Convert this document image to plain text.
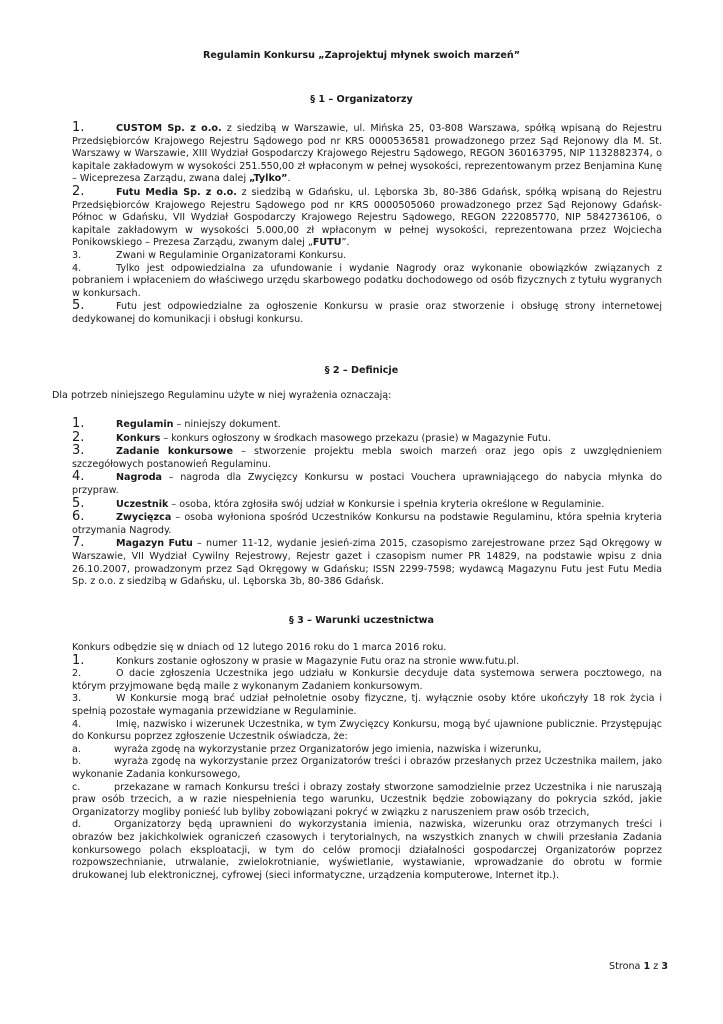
Regulamin Konkursu „Zaprojektuj młynek swoich marzeń”
§ 1 – Organizatorzy

1.	CUSTOM Sp. z o.o. z siedzibą w Warszawie, ul. Mińska 25, 03-808 Warszawa, spółką wpisaną do Rejestru Przedsiębiorców Krajowego Rejestru Sądowego pod nr KRS 0000536581 prowadzonego przez Sąd Rejonowy dla M. St. Warszawy w Warszawie, XIII Wydział Gospodarczy Krajowego Rejestru Sądowego, REGON 360163795, NIP 1132882374, o kapitale zakładowym w wysokości 251.550,00 zł wpłaconym w pełnej wysokości, reprezentowanym przez Benjamina Kunę – Wiceprezesa Zarządu, zwana dalej „Tylko”.

2.	Futu Media Sp. z o.o. z siedzibą w Gdańsku, ul. Lęborska 3b, 80-386 Gdańsk, spółką wpisaną do Rejestru Przedsiębiorców Krajowego Rejestru Sądowego pod nr KRS 0000505060 prowadzonego przez Sąd Rejonowy Gdańsk-Północ w Gdańsku, VII Wydział Gospodarczy Krajowego Rejestru Sądowego, REGON 222085770, NIP 5842736106, o kapitale zakładowym w wysokości 5.000,00 zł wpłaconym w pełnej wysokości, reprezentowana przez Wojciecha Ponikowskiego – Prezesa Zarządu, zwanym dalej „FUTU”.

3.	Zwani w Regulaminie Organizatorami Konkursu.

4.	Tylko jest odpowiedzialna za ufundowanie i wydanie Nagrody oraz wykonanie obowiązków związanych z pobraniem i wpłaceniem do właściwego urzędu skarbowego podatku dochodowego od osób fizycznych z tytułu wygranych w konkursach.

5.	Futu jest odpowiedzialne za ogłoszenie Konkursu w prasie oraz stworzenie i obsługę strony internetowej dedykowanej do komunikacji i obsługi konkursu.

§ 2 – Definicje
Dla potrzeb niniejszego Regulaminu użyte w niej wyrażenia oznaczają:

1.	Regulamin – niniejszy dokument.

2.	Konkurs – konkurs ogłoszony w środkach masowego przekazu (prasie) w Magazynie Futu.

3.	Zadanie konkursowe – stworzenie projektu mebla swoich marzeń oraz jego opis z uwzględnieniem szczegółowych postanowień Regulaminu.

4.	Nagroda – nagroda dla Zwycięzcy Konkursu w postaci Vouchera uprawniającego do nabycia młynka do przypraw.

5.	Uczestnik – osoba, która zgłosiła swój udział w Konkursie i spełnia kryteria określone w Regulaminie.

6.	Zwycięzca – osoba wyłoniona spośród Uczestników Konkursu na podstawie Regulaminu, która spełnia kryteria otrzymania Nagrody.

7.	Magazyn Futu – numer 11-12, wydanie jesień-zima 2015, czasopismo zarejestrowane przez Sąd Okręgowy w Warszawie, VII Wydział Cywilny Rejestrowy, Rejestr gazet i czasopism numer PR 14829, na podstawie wpisu z dnia 26.10.2007, prowadzonym przez Sąd Okręgowy w Gdańsku; ISSN 2299-7598; wydawcą Magazynu Futu jest Futu Media Sp. z o.o. z siedzibą w Gdańsku, ul. Lęborska 3b, 80-386 Gdańsk.

§ 3 – Warunki uczestnictwa

Konkurs odbędzie się w dniach od 12 lutego 2016 roku do 1 marca 2016 roku.

1.	Konkurs zostanie ogłoszony w prasie w Magazynie Futu oraz na stronie www.futu.pl.

2.	O dacie zgłoszenia Uczestnika jego udziału w Konkursie decyduje data systemowa serwera pocztowego, na którym przyjmowane będą maile z wykonanym Zadaniem konkursowym.

3.	W Konkursie mogą brać udział pełnoletnie osoby fizyczne, tj. wyłącznie osoby które ukończyły 18 rok życia i spełnią pozostałe wymagania przewidziane w Regulaminie.

4.	Imię, nazwisko i wizerunek Uczestnika, w tym Zwycięzcy Konkursu, mogą być ujawnione publicznie. Przystępując do Konkursu poprzez zgłoszenie Uczestnik oświadcza, że:

a.	wyraża zgodę na wykorzystanie przez Organizatorów jego imienia, nazwiska i wizerunku,

b.	wyraża zgodę na wykorzystanie przez Organizatorów treści i obrazów przesłanych przez Uczestnika mailem, jako wykonanie Zadania konkursowego,

c.	przekazane w ramach Konkursu treści i obrazy zostały stworzone samodzielnie przez Uczestnika i nie naruszają praw osób trzecich, a w razie niespełnienia tego warunku, Uczestnik będzie zobowiązany do pokrycia szkód, jakie Organizatorzy mogliby ponieść lub byliby zobowiązani pokryć w związku z naruszeniem praw osób trzecich,

d.	Organizatorzy będą uprawnieni do wykorzystania imienia, nazwiska, wizerunku oraz otrzymanych treści i obrazów bez jakichkolwiek ograniczeń czasowych i terytorialnych, na wszystkich znanych w chwili przesłania Zadania konkursowego polach eksploatacji, w tym do celów promocji działalności gospodarczej Organizatorów poprzez rozpowszechnianie, utrwalanie, zwielokrotnianie, wyświetlanie, wystawianie, wprowadzanie do obrotu w formie drukowanej lub elektronicznej, cyfrowej (sieci informatyczne, urządzenia komputerowe, Internet itp.).

Strona 1 z 3
